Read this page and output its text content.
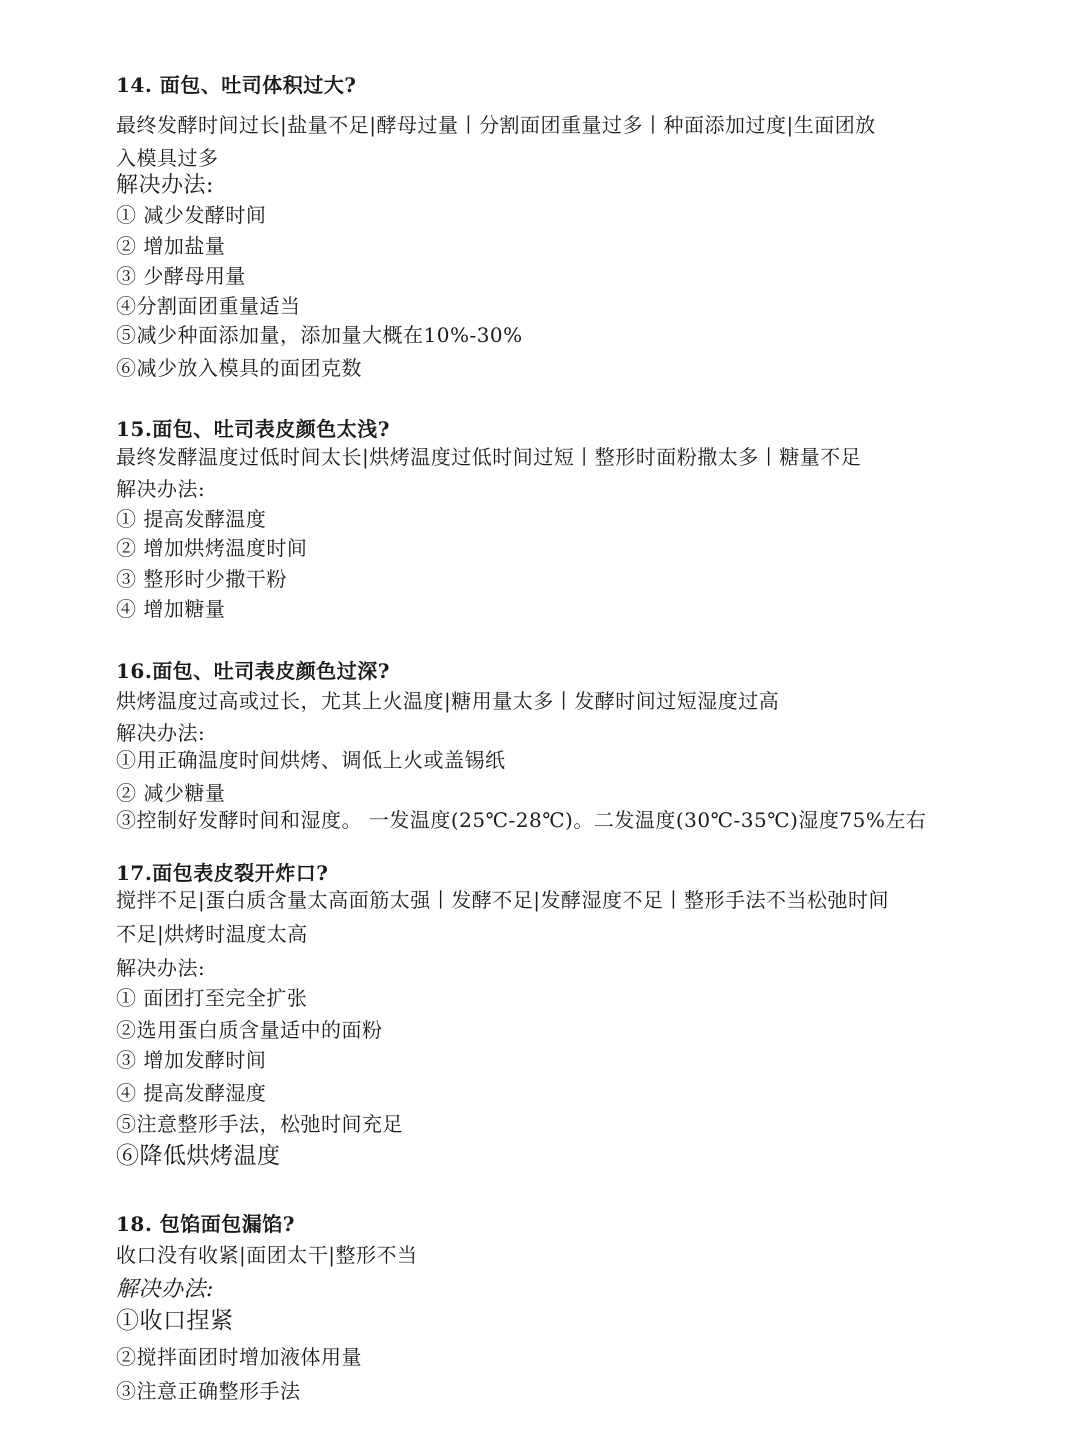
14. 面包、吐司体积过大?
最终发酵时间过长|盐量不足|酵母过量丨分割面团重量过多丨种面添加过度|生面团放
入模具过多
解决办法:
① 减少发酵时间
② 增加盐量
③ 少酵母用量
④分割面团重量适当
⑤减少种面添加量，添加量大概在10%-30%
⑥减少放入模具的面团克数
15.面包、吐司表皮颜色太浅?
最终发酵温度过低时间太长|烘烤温度过低时间过短丨整形时面粉撒太多丨糖量不足
解决办法:
① 提高发酵温度
② 增加烘烤温度时间
③ 整形时少撒干粉
④ 增加糖量
16.面包、吐司表皮颜色过深?
烘烤温度过高或过长，尤其上火温度|糖用量太多丨发酵时间过短湿度过高
解决办法:
①用正确温度时间烘烤、调低上火或盖锡纸
② 减少糖量
③控制好发酵时间和湿度。 一发温度(25℃-28℃)。二发温度(30℃-35℃)湿度75%左右
17.面包表皮裂开炸口?
搅拌不足|蛋白质含量太高面筋太强丨发酵不足|发酵湿度不足丨整形手法不当松弛时间
不足|烘烤时温度太高
解决办法:
① 面团打至完全扩张
②选用蛋白质含量适中的面粉
③ 增加发酵时间
④ 提高发酵湿度
⑤注意整形手法，松弛时间充足
⑥降低烘烤温度
18. 包馅面包漏馅?
收口没有收紧|面团太干|整形不当
解决办法:
①收口捏紧
②搅拌面团时增加液体用量
③注意正确整形手法
